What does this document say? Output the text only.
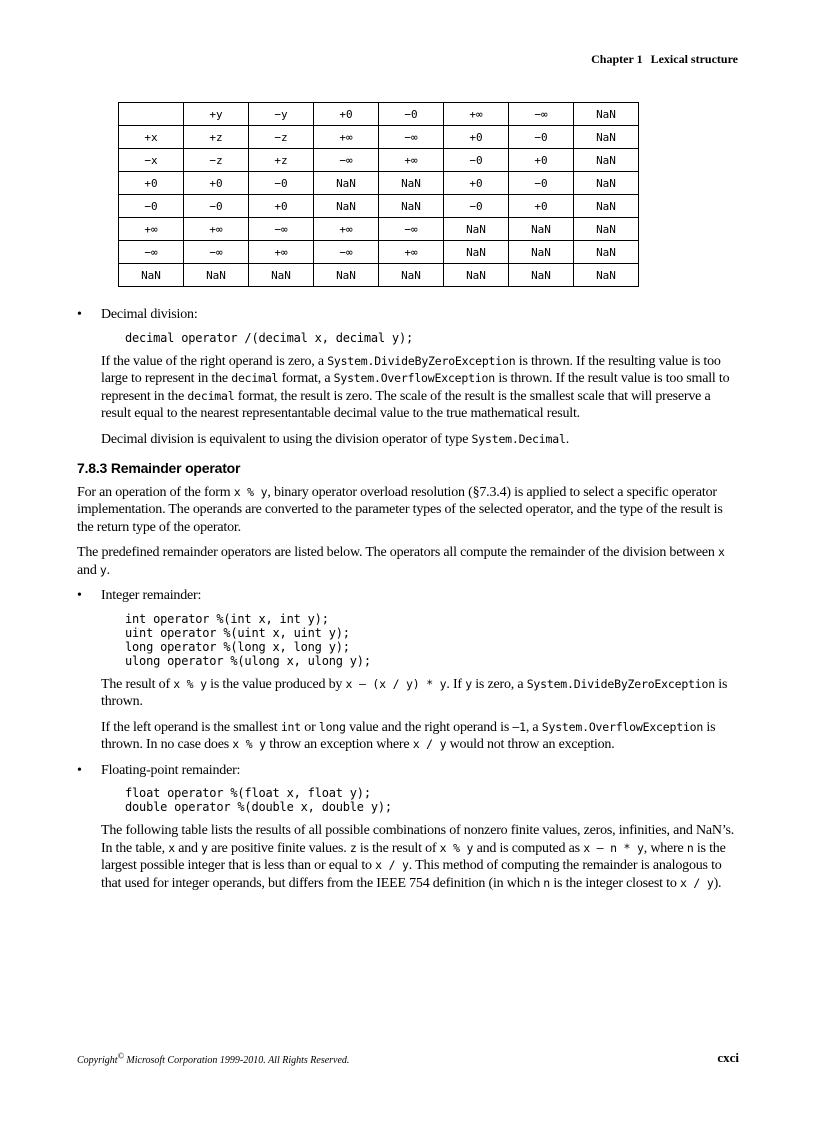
Chapter 1 Lexical structure
	+y	−y	+0	−0	+∞	−∞	NaN
+x	+z	−z	+∞	−∞	+0	−0	NaN
−x	−z	+z	−∞	+∞	−0	+0	NaN
+0	+0	−0	NaN	NaN	+0	−0	NaN
−0	−0	+0	NaN	NaN	−0	+0	NaN
+∞	+∞	−∞	+∞	−∞	NaN	NaN	NaN
−∞	−∞	+∞	−∞	+∞	NaN	NaN	NaN
NaN	NaN	NaN	NaN	NaN	NaN	NaN	NaN
• Decimal division:
decimal operator /(decimal x, decimal y);

If the value of the right operand is zero, a System.DivideByZeroException is thrown. If the resulting value is too large to represent in the decimal format, a System.OverflowException is thrown. If the result value is too small to represent in the decimal format, the result is zero. The scale of the result is the smallest scale that will preserve a result equal to the nearest representantable decimal value to the true mathematical result.

Decimal division is equivalent to using the division operator of type System.Decimal.

7.8.3 Remainder operator

For an operation of the form x % y, binary operator overload resolution (§7.3.4) is applied to select a specific operator implementation. The operands are converted to the parameter types of the selected operator, and the type of the result is the return type of the operator.

The predefined remainder operators are listed below. The operators all compute the remainder of the division between x and y.

• Integer remainder:
int operator %(int x, int y);
uint operator %(uint x, uint y);
long operator %(long x, long y);
ulong operator %(ulong x, ulong y);

The result of x % y is the value produced by x – (x / y) * y. If y is zero, a System.DivideByZeroException is thrown.

If the left operand is the smallest int or long value and the right operand is –1, a System.OverflowException is thrown. In no case does x % y throw an exception where x / y would not throw an exception.

• Floating-point remainder:
float operator %(float x, float y);
double operator %(double x, double y);

The following table lists the results of all possible combinations of nonzero finite values, zeros, infinities, and NaN’s. In the table, x and y are positive finite values. z is the result of x % y and is computed as x – n * y, where n is the largest possible integer that is less than or equal to x / y. This method of computing the remainder is analogous to that used for integer operands, but differs from the IEEE 754 definition (in which n is the integer closest to x / y).

Copyright© Microsoft Corporation 1999-2010. All Rights Reserved.	cxci
